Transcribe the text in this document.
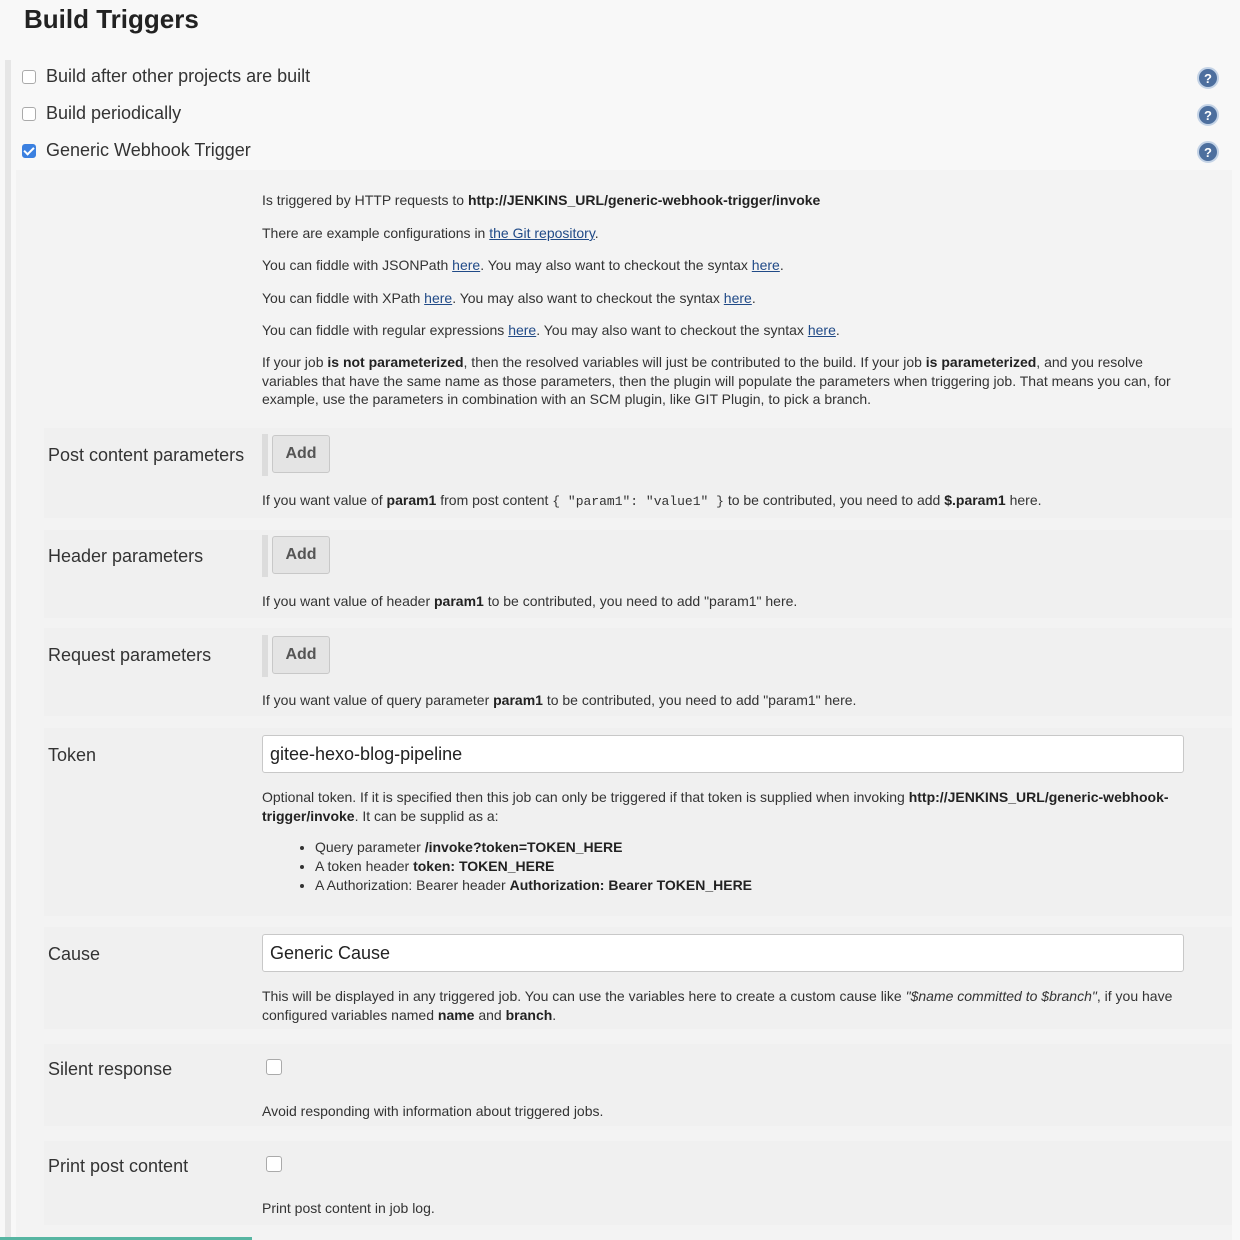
Build Triggers
Build after other projects are built	?
Build periodically	?
Generic Webhook Trigger	?
Is triggered by HTTP requests to http://JENKINS_URL/generic-webhook-trigger/invoke
There are example configurations in the Git repository.
You can fiddle with JSONPath here. You may also want to checkout the syntax here.
You can fiddle with XPath here. You may also want to checkout the syntax here.
You can fiddle with regular expressions here. You may also want to checkout the syntax here.
If your job is not parameterized, then the resolved variables will just be contributed to the build. If your job is parameterized, and you resolve variables that have the same name as those parameters, then the plugin will populate the parameters when triggering job. That means you can, for example, use the parameters in combination with an SCM plugin, like GIT Plugin, to pick a branch.
Post content parameters	Add
If you want value of param1 from post content { "param1": "value1" } to be contributed, you need to add $.param1 here.
Header parameters	Add
If you want value of header param1 to be contributed, you need to add "param1" here.
Request parameters	Add
If you want value of query parameter param1 to be contributed, you need to add "param1" here.
Token	gitee-hexo-blog-pipeline
Optional token. If it is specified then this job can only be triggered if that token is supplied when invoking http://JENKINS_URL/generic-webhook-trigger/invoke. It can be supplid as a:
• Query parameter /invoke?token=TOKEN_HERE
• A token header token: TOKEN_HERE
• A Authorization: Bearer header Authorization: Bearer TOKEN_HERE
Cause	Generic Cause
This will be displayed in any triggered job. You can use the variables here to create a custom cause like "$name committed to $branch", if you have configured variables named name and branch.
Silent response
Avoid responding with information about triggered jobs.
Print post content
Print post content in job log.
